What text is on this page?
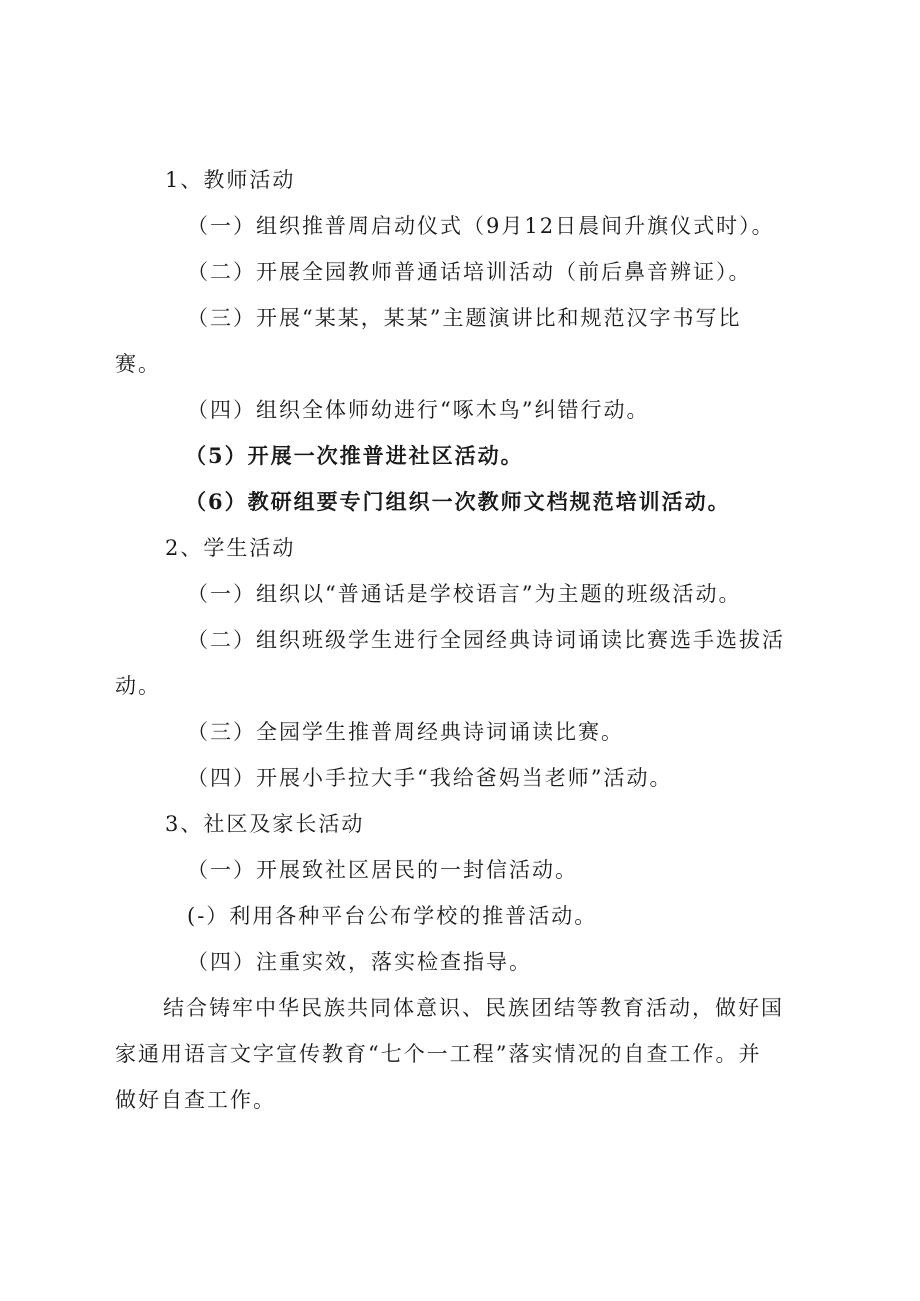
1、教师活动

（一）组织推普周启动仪式（9月12日晨间升旗仪式时）。

（二）开展全园教师普通话培训活动（前后鼻音辨证）。

（三）开展“某某，某某”主题演讲比和规范汉字书写比

赛。

（四）组织全体师幼进行“啄木鸟”纠错行动。

（5）开展一次推普进社区活动。

（6）教研组要专门组织一次教师文档规范培训活动。

2、学生活动

（一）组织以“普通话是学校语言”为主题的班级活动。

（二）组织班级学生进行全园经典诗词诵读比赛选手选拔活

动。

（三）全园学生推普周经典诗词诵读比赛。

（四）开展小手拉大手“我给爸妈当老师”活动。

3、社区及家长活动

（一）开展致社区居民的一封信活动。

(-）利用各种平台公布学校的推普活动。

（四）注重实效，落实检查指导。

结合铸牢中华民族共同体意识、民族团结等教育活动，做好国

家通用语言文字宣传教育“七个一工程”落实情况的自查工作。并

做好自查工作。
